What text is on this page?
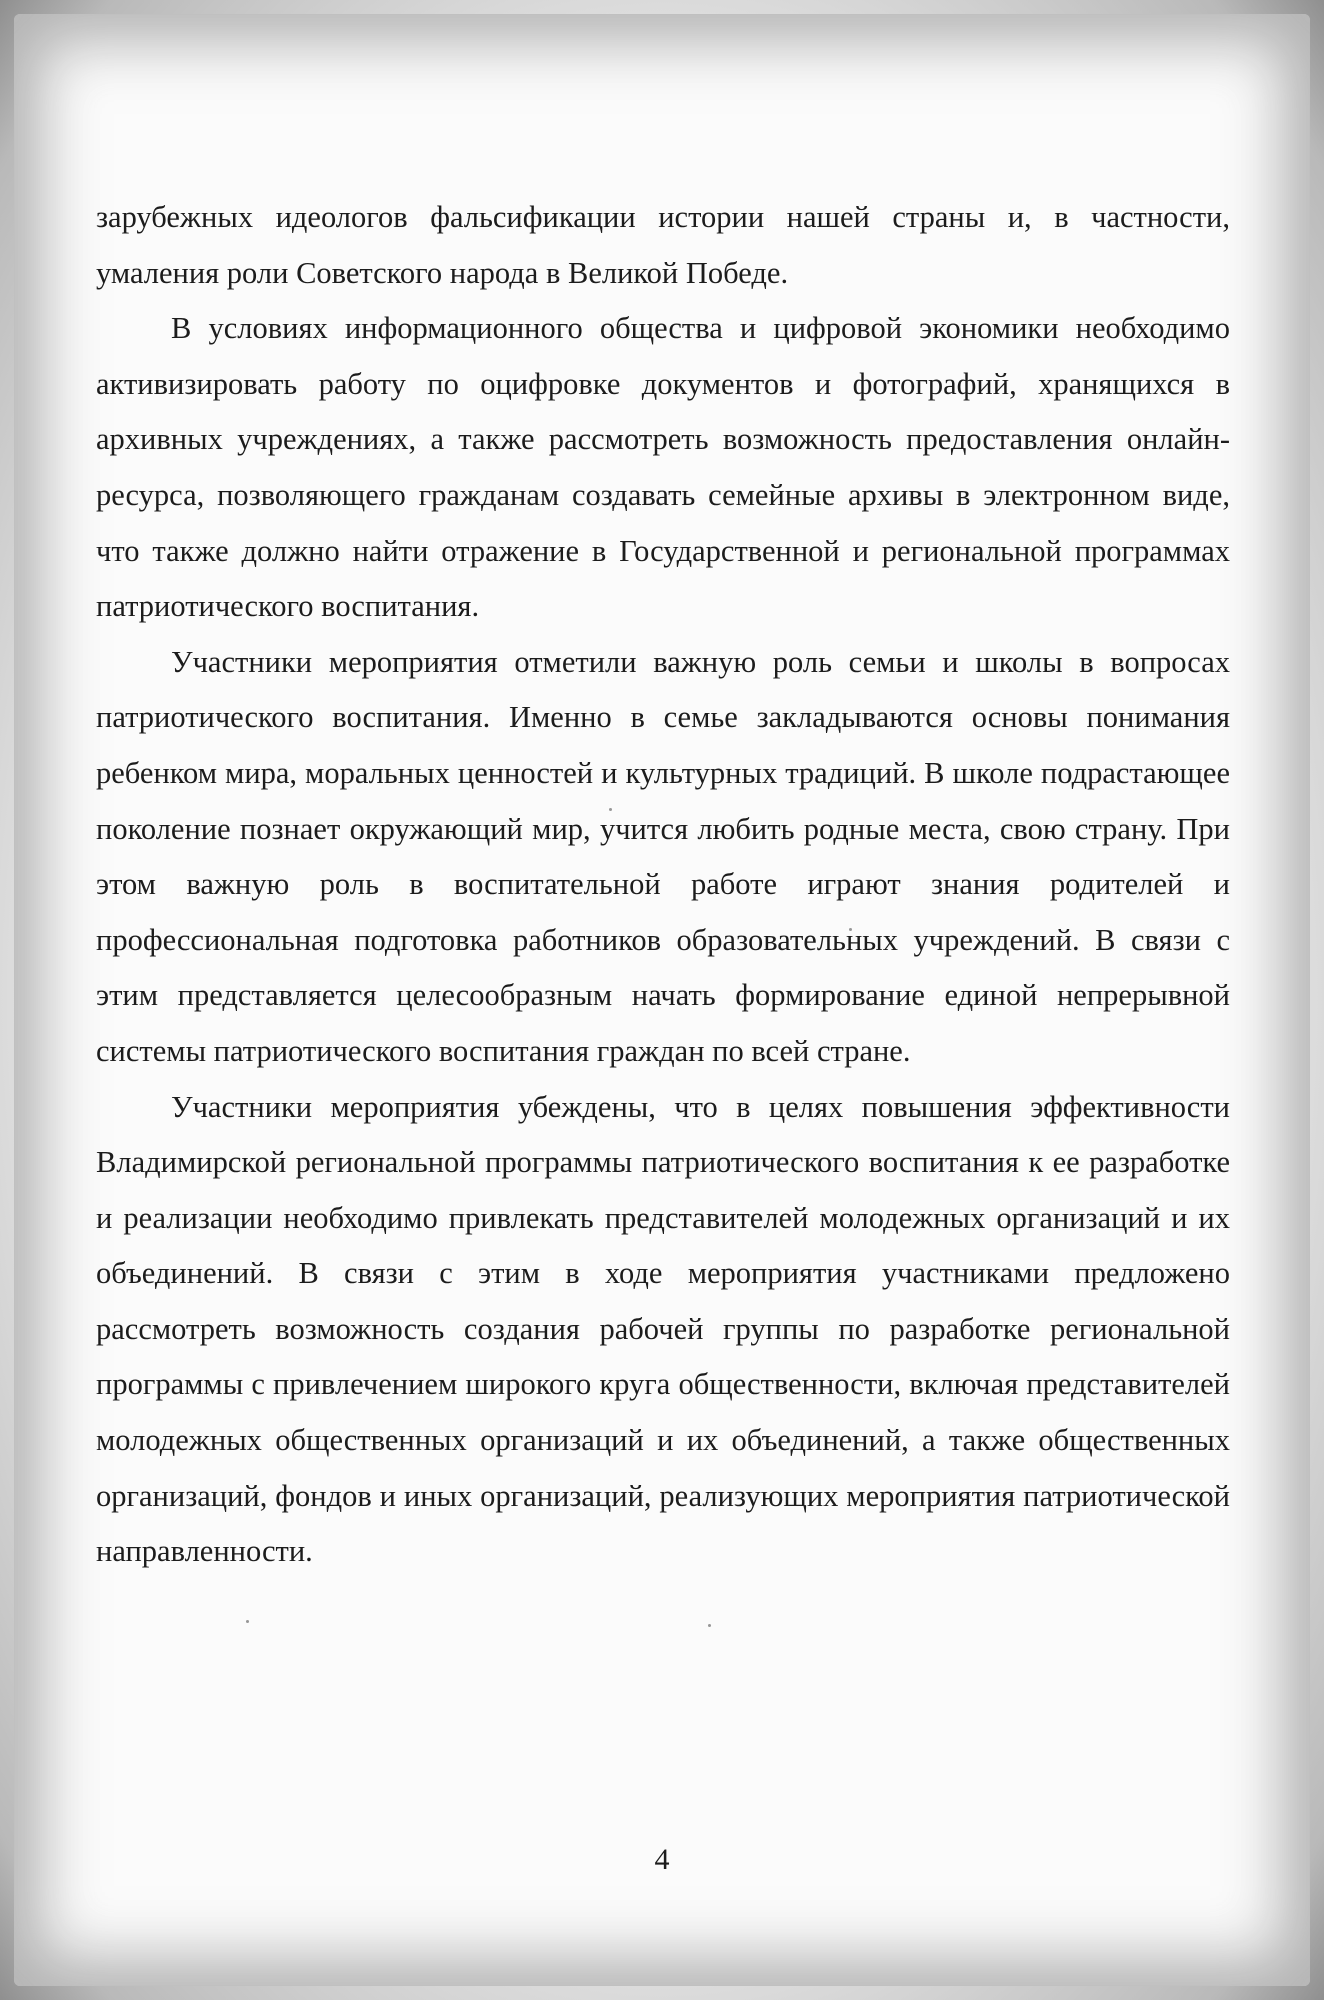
зарубежных идеологов фальсификации истории нашей страны и, в частности, умаления роли Советского народа в Великой Победе.

В условиях информационного общества и цифровой экономики необходимо активизировать работу по оцифровке документов и фотографий, хранящихся в архивных учреждениях, а также рассмотреть возможность предоставления онлайн-ресурса, позволяющего гражданам создавать семейные архивы в электронном виде, что также должно найти отражение в Государственной и региональной программах патриотического воспитания.

Участники мероприятия отметили важную роль семьи и школы в вопросах патриотического воспитания. Именно в семье закладываются основы понимания ребенком мира, моральных ценностей и культурных традиций. В школе подрастающее поколение познает окружающий мир, учится любить родные места, свою страну. При этом важную роль в воспитательной работе играют знания родителей и профессиональная подготовка работников образовательных учреждений. В связи с этим представляется целесообразным начать формирование единой непрерывной системы патриотического воспитания граждан по всей стране.

Участники мероприятия убеждены, что в целях повышения эффективности Владимирской региональной программы патриотического воспитания к ее разработке и реализации необходимо привлекать представителей молодежных организаций и их объединений. В связи с этим в ходе мероприятия участниками предложено рассмотреть возможность создания рабочей группы по разработке региональной программы с привлечением широкого круга общественности, включая представителей молодежных общественных организаций и их объединений, а также общественных организаций, фондов и иных организаций, реализующих мероприятия патриотической направленности.

4
